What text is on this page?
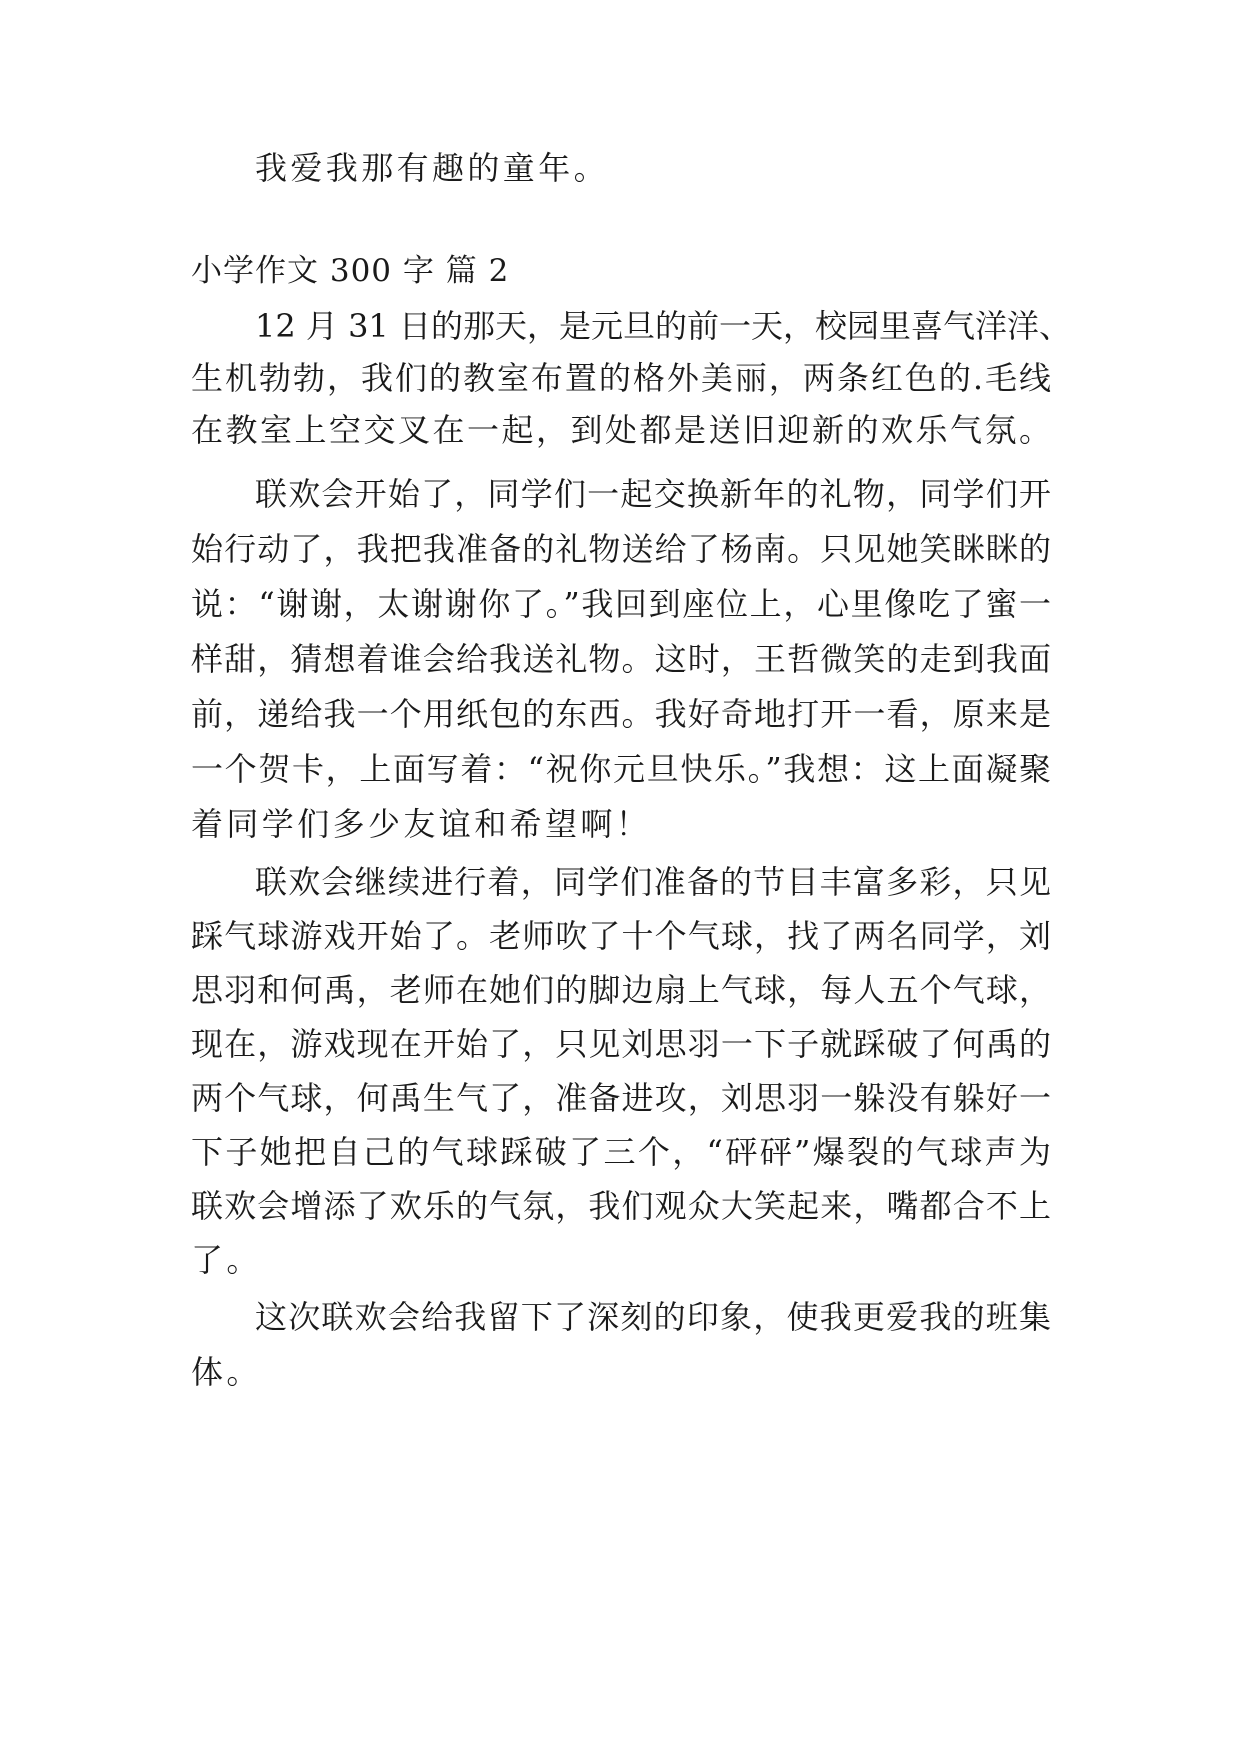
我爱我那有趣的童年。
小学作文 300 字 篇 2
12 月 31 日的那天，是元旦的前一天，校园里喜气洋洋、
生机勃勃，我们的教室布置的格外美丽，两条红色的.毛线
在教室上空交叉在一起，到处都是送旧迎新的欢乐气氛。
联欢会开始了，同学们一起交换新年的礼物，同学们开
始行动了，我把我准备的礼物送给了杨南。只见她笑眯眯的
说：“谢谢，太谢谢你了。”我回到座位上，心里像吃了蜜一
样甜，猜想着谁会给我送礼物。这时，王哲微笑的走到我面
前，递给我一个用纸包的东西。我好奇地打开一看，原来是
一个贺卡，上面写着：“祝你元旦快乐。”我想：这上面凝聚
着同学们多少友谊和希望啊！
联欢会继续进行着，同学们准备的节目丰富多彩，只见
踩气球游戏开始了。老师吹了十个气球，找了两名同学，刘
思羽和何禹，老师在她们的脚边扇上气球，每人五个气球，
现在，游戏现在开始了，只见刘思羽一下子就踩破了何禹的
两个气球，何禹生气了，准备进攻，刘思羽一躲没有躲好一
下子她把自己的气球踩破了三个，“砰砰”爆裂的气球声为
联欢会增添了欢乐的气氛，我们观众大笑起来，嘴都合不上
了。
这次联欢会给我留下了深刻的印象，使我更爱我的班集
体。
